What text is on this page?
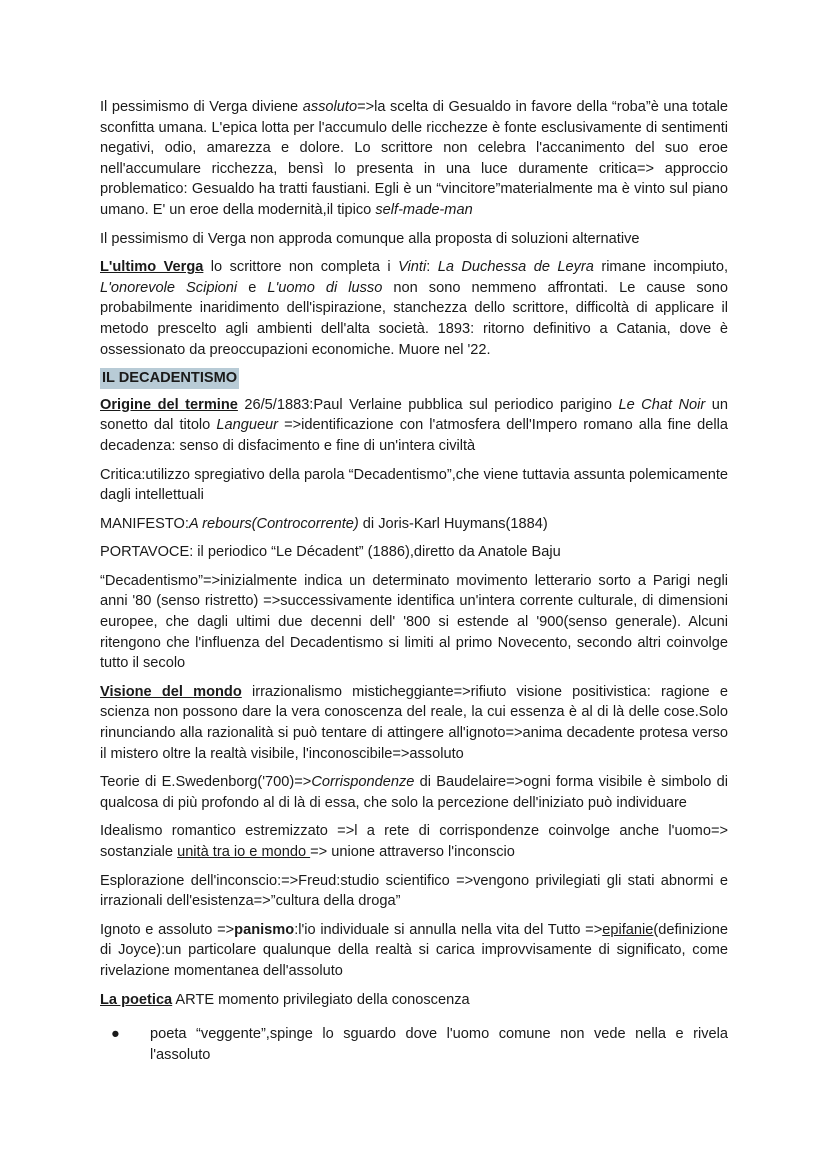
Il pessimismo di Verga diviene assoluto=>la scelta di Gesualdo in favore della “roba”è una totale sconfitta umana. L'epica lotta per l'accumulo delle ricchezze è fonte esclusivamente di sentimenti negativi, odio, amarezza e dolore. Lo scrittore non celebra l'accanimento del suo eroe nell'accumulare ricchezza, bensì lo presenta in una luce duramente critica=> approccio problematico: Gesualdo ha tratti faustiani. Egli è un “vincitore”materialmente ma è vinto sul piano umano. E' un eroe della modernità,il tipico self-made-man

Il pessimismo di Verga non approda comunque alla proposta di soluzioni alternative

L'ultimo Verga lo scrittore non completa i Vinti: La Duchessa de Leyra rimane incompiuto, L'onorevole Scipioni e L'uomo di lusso non sono nemmeno affrontati. Le cause sono probabilmente inaridimento dell'ispirazione, stanchezza dello scrittore, difficoltà di applicare il metodo prescelto agli ambienti dell'alta società. 1893: ritorno definitivo a Catania, dove è ossessionato da preoccupazioni economiche. Muore nel '22.

IL DECADENTISMO

Origine del termine 26/5/1883:Paul Verlaine pubblica sul periodico parigino Le Chat Noir un sonetto dal titolo Langueur =>identificazione con l'atmosfera dell'Impero romano alla fine della decadenza: senso di disfacimento e fine di un'intera civiltà

Critica:utilizzo spregiativo della parola “Decadentismo”,che viene tuttavia assunta polemicamente dagli intellettuali

MANIFESTO:A rebours(Controcorrente) di Joris-Karl Huymans(1884)

PORTAVOCE: il periodico “Le Décadent” (1886),diretto da Anatole Baju

“Decadentismo”=>inizialmente indica un determinato movimento letterario sorto a Parigi negli anni '80 (senso ristretto) =>successivamente identifica un'intera corrente culturale, di dimensioni europee, che dagli ultimi due decenni dell' '800 si estende al '900(senso generale). Alcuni ritengono che l'influenza del Decadentismo si limiti al primo Novecento, secondo altri coinvolge tutto il secolo

Visione del mondo irrazionalismo misticheggiante=>rifiuto visione positivistica: ragione e scienza non possono dare la vera conoscenza del reale, la cui essenza è al di là delle cose.Solo rinunciando alla razionalità si può tentare di attingere all'ignoto=>anima decadente protesa verso il mistero oltre la realtà visibile, l'inconoscibile=>assoluto

Teorie di E.Swedenborg('700)=>Corrispondenze di Baudelaire=>ogni forma visibile è simbolo di qualcosa di più profondo al di là di essa, che solo la percezione dell'iniziato può individuare

Idealismo romantico estremizzato =>l a rete di corrispondenze coinvolge anche l'uomo=> sostanziale unità tra io e mondo => unione attraverso l'inconscio

Esplorazione dell'inconscio:=>Freud:studio scientifico =>vengono privilegiati gli stati abnormi e irrazionali dell'esistenza=>”cultura della droga”

Ignoto e assoluto =>panismo:l'io individuale si annulla nella vita del Tutto =>epifanie(definizione di Joyce):un particolare qualunque della realtà si carica improvvisamente di significato, come rivelazione momentanea dell'assoluto

La poetica ARTE momento privilegiato della conoscenza

● poeta “veggente”,spinge lo sguardo dove l'uomo comune non vede nella e rivela l'assoluto
